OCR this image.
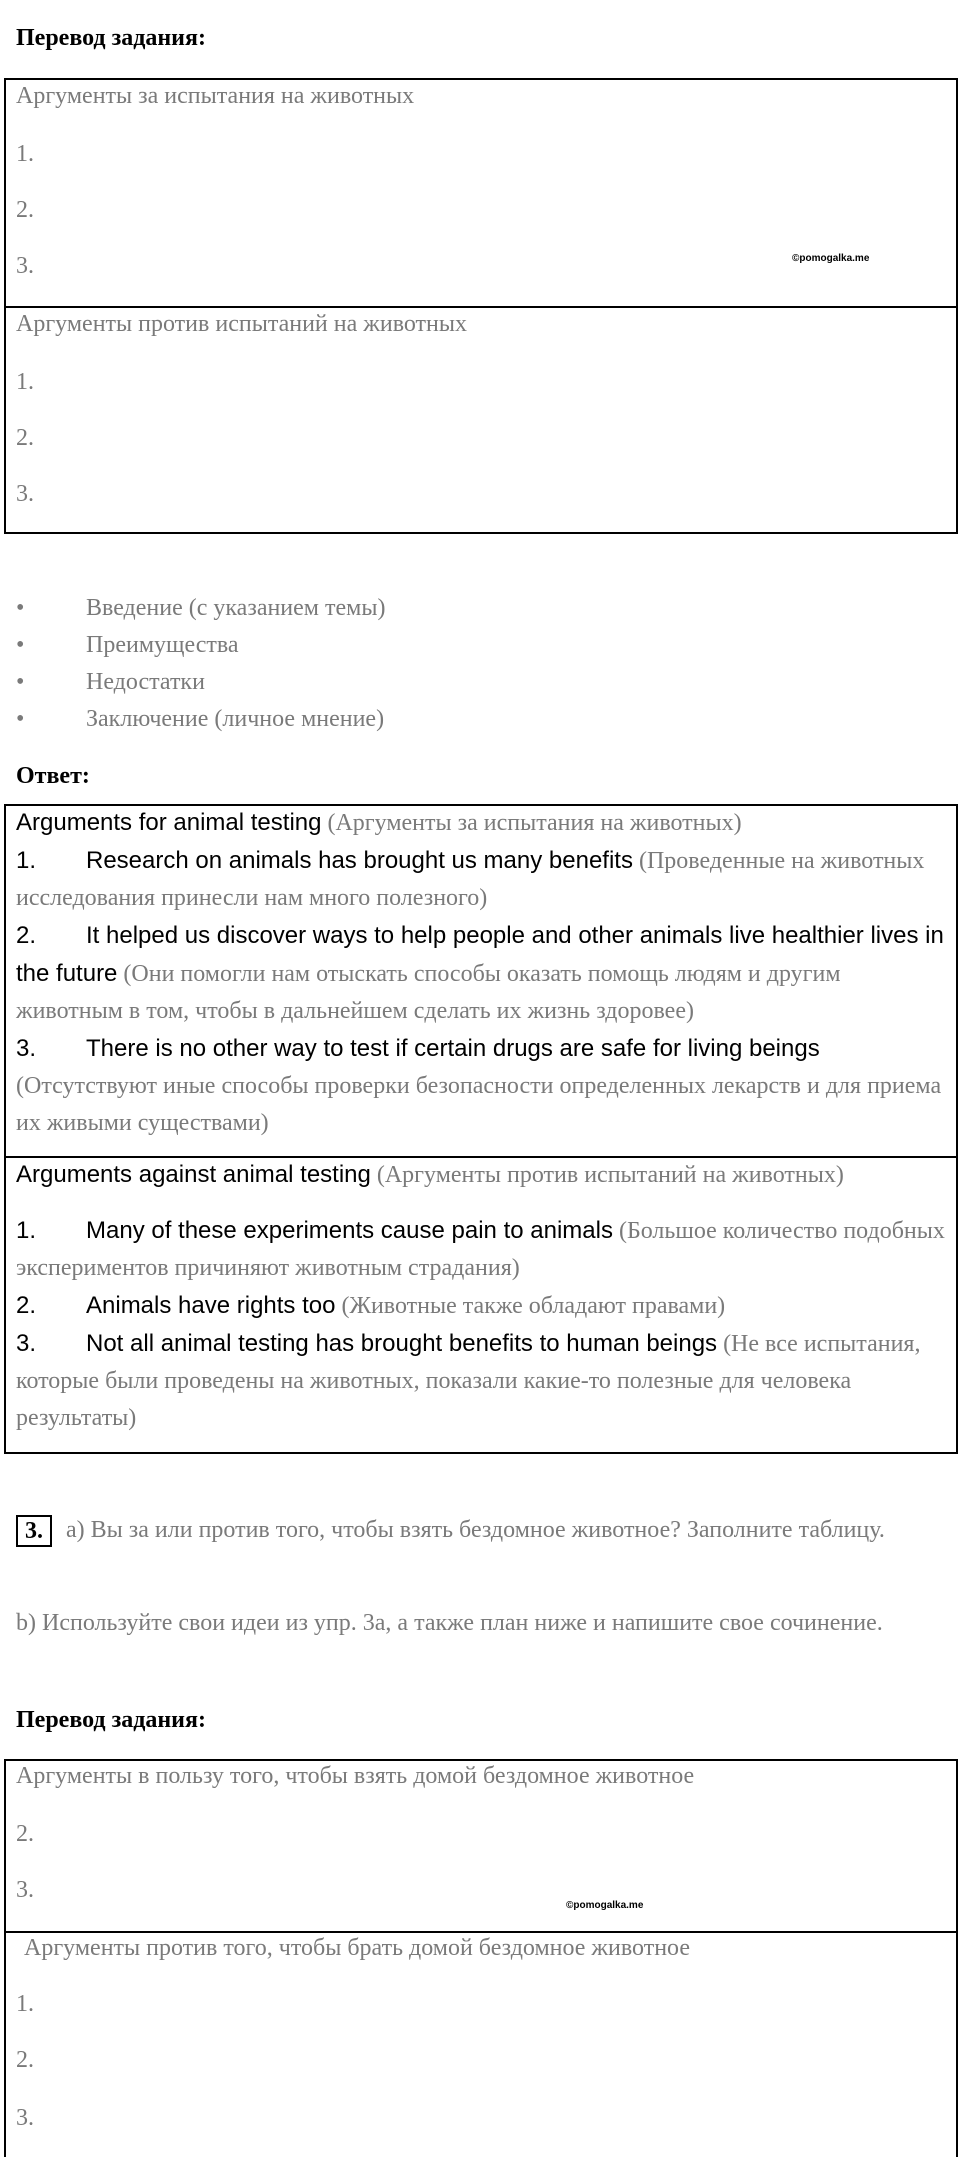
Перевод задания:
Аргументы за испытания на животных
1.
2.
3.	©pomogalka.me
Аргументы против испытаний на животных
1.
2.
3.
•	Введение (с указанием темы)
•	Преимущества
•	Недостатки
•	Заключение (личное мнение)
Ответ:
Arguments for animal testing (Аргументы за испытания на животных)
1. Research on animals has brought us many benefits (Проведенные на животных исследования принесли нам много полезного)
2. It helped us discover ways to help people and other animals live healthier lives in the future (Они помогли нам отыскать способы оказать помощь людям и другим животным в том, чтобы в дальнейшем сделать их жизнь здоровее)
3. There is no other way to test if certain drugs are safe for living beings (Отсутствуют иные способы проверки безопасности определенных лекарств и для приема их живыми существами)
Arguments against animal testing (Аргументы против испытаний на животных)
1. Many of these experiments cause pain to animals (Большое количество подобных экспериментов причиняют животным страдания)
2. Animals have rights too (Животные также обладают правами)
3. Not all animal testing has brought benefits to human beings (Не все испытания, которые были проведены на животных, показали какие-то полезные для человека результаты)
3. a) Вы за или против того, чтобы взять бездомное животное? Заполните таблицу.
b) Используйте свои идеи из упр. 3a, а также план ниже и напишите свое сочинение.
Перевод задания:
Аргументы в пользу того, чтобы взять домой бездомное животное
2.
3.
©pomogalka.me
Аргументы против того, чтобы брать домой бездомное животное
1.
2.
3.
